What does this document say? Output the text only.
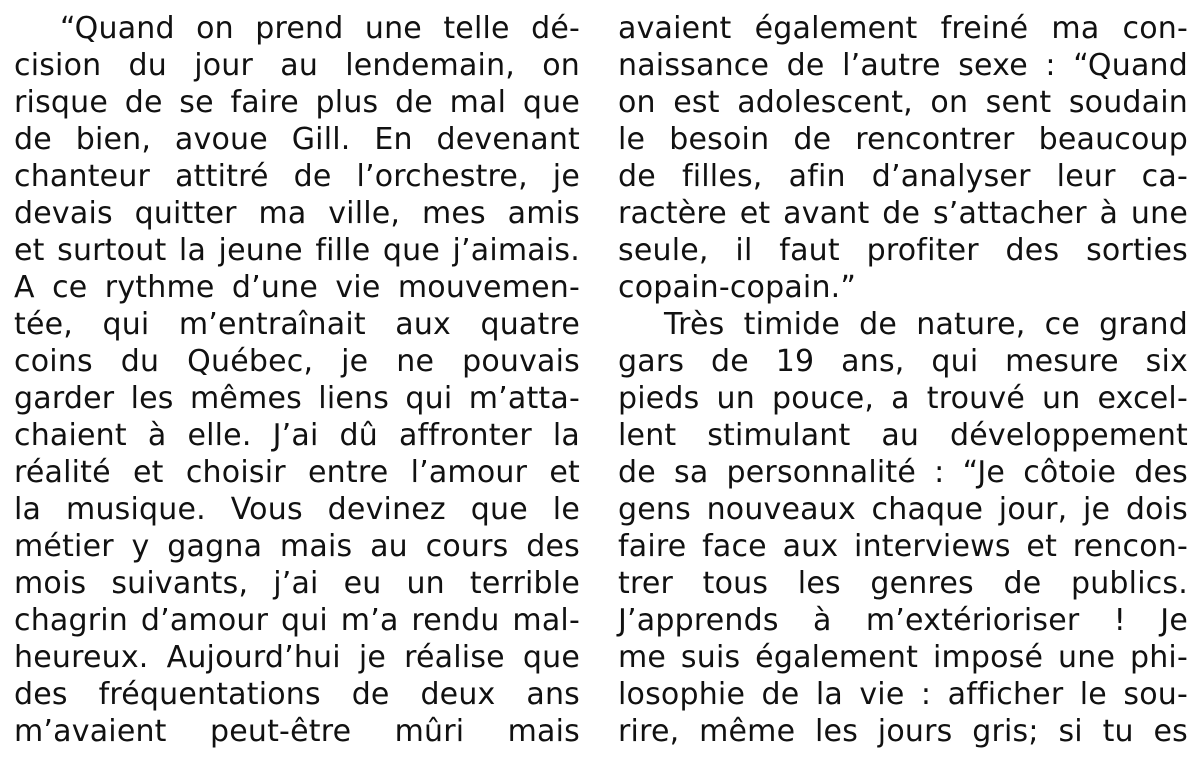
“Quand on prend une telle dé-
cision du jour au lendemain, on
risque de se faire plus de mal que
de bien, avoue Gill. En devenant
chanteur attitré de l’orchestre, je
devais quitter ma ville, mes amis
et surtout la jeune fille que j’aimais.
A ce rythme d’une vie mouvemen-
tée, qui m’entraînait aux quatre
coins du Québec, je ne pouvais
garder les mêmes liens qui m’atta-
chaient à elle. J’ai dû affronter la
réalité et choisir entre l’amour et
la musique. Vous devinez que le
métier y gagna mais au cours des
mois suivants, j’ai eu un terrible
chagrin d’amour qui m’a rendu mal-
heureux. Aujourd’hui je réalise que
des fréquentations de deux ans
m’avaient peut-être mûri mais
avaient également freiné ma con-
naissance de l’autre sexe : “Quand
on est adolescent, on sent soudain
le besoin de rencontrer beaucoup
de filles, afin d’analyser leur ca-
ractère et avant de s’attacher à une
seule, il faut profiter des sorties
copain-copain.”
Très timide de nature, ce grand
gars de 19 ans, qui mesure six
pieds un pouce, a trouvé un excel-
lent stimulant au développement
de sa personnalité : “Je côtoie des
gens nouveaux chaque jour, je dois
faire face aux interviews et rencon-
trer tous les genres de publics.
J’apprends à m’extérioriser ! Je
me suis également imposé une phi-
losophie de la vie : afficher le sou-
rire, même les jours gris; si tu es
